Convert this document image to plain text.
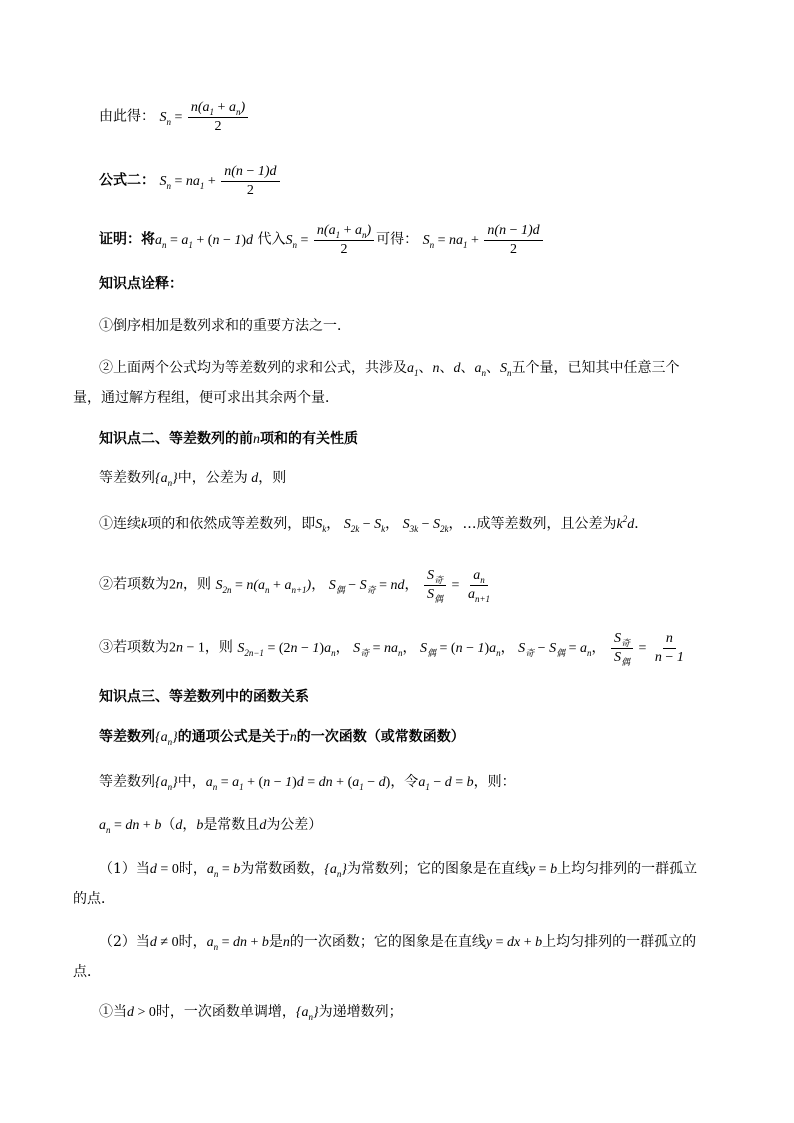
由此得： $S_n = \frac{n(a_1 + a_n)}{2}$
公式二： $S_n = na_1 + \frac{n(n - 1)d}{2}$
证明：将$a_n = a_1 + (n - 1)d$ 代入$S_n = \frac{n(a_1 + a_n)}{2}$ 可得： $S_n = na_1 + \frac{n(n - 1)d}{2}$
知识点诠释：
①倒序相加是数列求和的重要方法之一．
②上面两个公式均为等差数列的求和公式，共涉及$a_1$、n、d、$a_n$、$S_n$五个量，已知其中任意三个
量，通过解方程组，便可求出其余两个量．
知识点二、等差数列的前n项和的有关性质
等差数列$\{a_n\}$中，公差为 d，则
①连续k项的和依然成等差数列，即$S_k$， $S_{2k} - S_k$， $S_{3k} - S_{2k}$，…成等差数列，且公差为$k^2d$．
②若项数为2n，则 $S_{2n} = n(a_n + a_{n+1})$， $S_偶 - S_奇$ = nd， $\frac{S_奇}{S_偶} = \frac{a_n}{a_{n+1}}$
③若项数为2n − 1，则 $S_{2n-1} = (2n - 1)a_n$， $S_奇 = na_n$， $S_偶 = (n - 1)a_n$， $S_奇 - S_偶 = a_n$， $\frac{S_奇}{S_偶} = \frac{n}{n - 1}$
知识点三、等差数列中的函数关系
等差数列$\{a_n\}$的通项公式是关于n的一次函数（或常数函数）
等差数列$\{a_n\}$中，$a_n = a_1 + (n - 1)d$ = dn + $(a_1 - d)$，令$a_1 - d = b$，则：
$a_n$ = dn + b（d，b是常数且d为公差）
（1）当d = 0时，$a_n = b$为常数函数，$\{a_n\}$为常数列；它的图象是在直线y = b上均匀排列的一群孤立
的点．
（2）当d ≠ 0时，$a_n$ = dn + b是n的一次函数；它的图象是在直线y = dx + b上均匀排列的一群孤立的
点．
①当d > 0时，一次函数单调增，$\{a_n\}$为递增数列；
